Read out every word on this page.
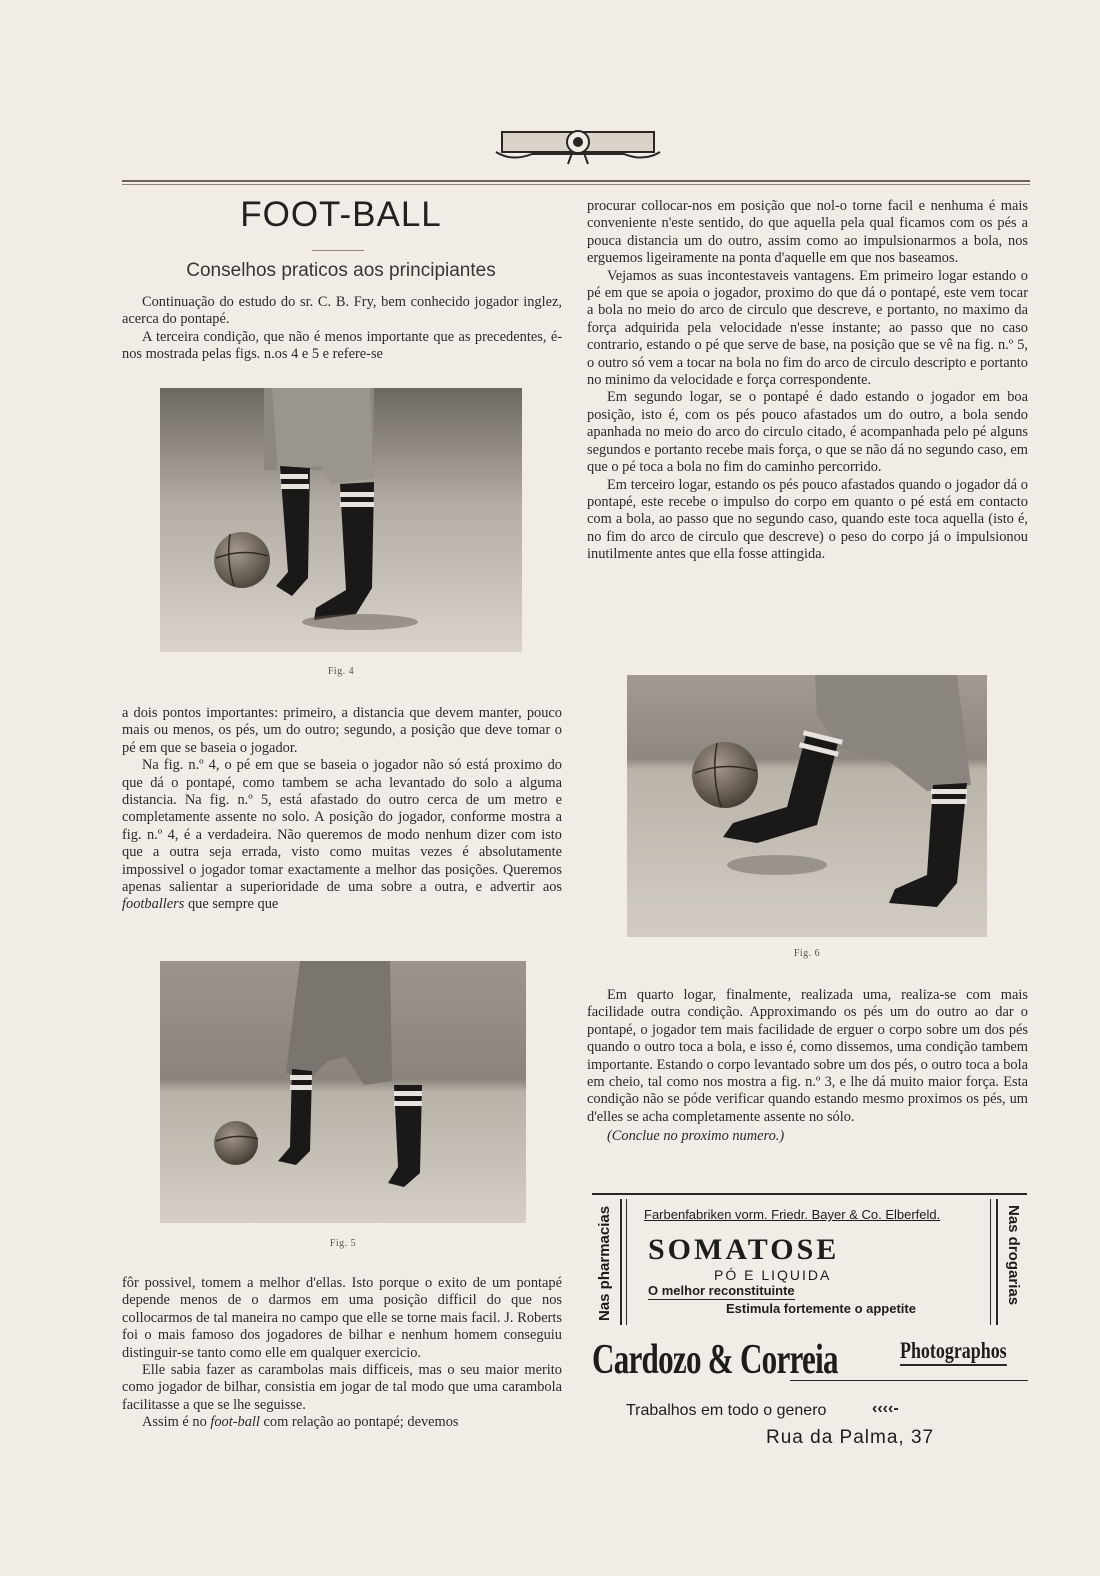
FOOT-BALL
Conselhos praticos aos principiantes

Continuação do estudo do sr. C. B. Fry, bem conhecido jogador inglez, acerca do pontapé.

A terceira condição, que não é menos importante que as precedentes, é-nos mostrada pelas figs. n.os 4 e 5 e refere-se

Fig. 4

a dois pontos importantes: primeiro, a distancia que devem manter, pouco mais ou menos, os pés, um do outro; segundo, a posição que deve tomar o pé em que se baseia o jogador.

Na fig. n.º 4, o pé em que se baseia o jogador não só está proximo do que dá o pontapé, como tambem se acha levantado do solo a alguma distancia. Na fig. n.º 5, está afastado do outro cerca de um metro e completamente assente no solo. A posição do jogador, conforme mostra a fig. n.º 4, é a verdadeira. Não queremos de modo nenhum dizer com isto que a outra seja errada, visto como muitas vezes é absolutamente impossivel o jogador tomar exactamente a melhor das posições. Queremos apenas salientar a superioridade de uma sobre a outra, e advertir aos footballers que sempre que

Fig. 5

fôr possivel, tomem a melhor d'ellas. Isto porque o exito de um pontapé depende menos de o darmos em uma posição difficil do que nos collocarmos de tal maneira no campo que elle se torne mais facil. J. Roberts foi o mais famoso dos jogadores de bilhar e nenhum homem conseguiu distinguir-se tanto como elle em qualquer exercicio.

Elle sabia fazer as carambolas mais difficeis, mas o seu maior merito como jogador de bilhar, consistia em jogar de tal modo que uma carambola facilitasse a que se lhe seguisse.

Assim é no foot-ball com relação ao pontapé; devemos

procurar collocar-nos em posição que nol-o torne facil e nenhuma é mais conveniente n'este sentido, do que aquella pela qual ficamos com os pés a pouca distancia um do outro, assim como ao impulsionarmos a bola, nos erguemos ligeiramente na ponta d'aquelle em que nos baseamos.

Vejamos as suas incontestaveis vantagens. Em primeiro logar estando o pé em que se apoia o jogador, proximo do que dá o pontapé, este vem tocar a bola no meio do arco de circulo que descreve, e portanto, no maximo da força adquirida pela velocidade n'esse instante; ao passo que no caso contrario, estando o pé que serve de base, na posição que se vê na fig. n.º 5, o outro só vem a tocar na bola no fim do arco de circulo descripto e portanto no minimo da velocidade e força correspondente.

Em segundo logar, se o pontapé é dado estando o jogador em boa posição, isto é, com os pés pouco afastados um do outro, a bola sendo apanhada no meio do arco do circulo citado, é acompanhada pelo pé alguns segundos e portanto recebe mais força, o que se não dá no segundo caso, em que o pé toca a bola no fim do caminho percorrido.

Em terceiro logar, estando os pés pouco afastados quando o jogador dá o pontapé, este recebe o impulso do corpo em quanto o pé está em contacto com a bola, ao passo que no segundo caso, quando este toca aquella (isto é, no fim do arco de circulo que descreve) o peso do corpo já o impulsionou inutilmente antes que ella fosse attingida.

Fig. 6

Em quarto logar, finalmente, realizada uma, realiza-se com mais facilidade outra condição. Approximando os pés um do outro ao dar o pontapé, o jogador tem mais facilidade de erguer o corpo sobre um dos pés quando o outro toca a bola, e isso é, como dissemos, uma condição tambem importante. Estando o corpo levantado sobre um dos pés, o outro toca a bola em cheio, tal como nos mostra a fig. n.º 3, e lhe dá muito maior força. Esta condição não se póde verificar quando estando mesmo proximos os pés, um d'elles se acha completamente assente no sólo.

(Conclue no proximo numero.)

Nas pharmacias	Nas drogarias
Farbenfabriken vorm. Friedr. Bayer & Co. Elberfeld.
SOMATOSE
PÓ E LIQUIDA
O melhor reconstituinte
Estimula fortemente o appetite
Cardozo & Correia	Photographos
Trabalhos em todo o genero	‹‹‹‹-
Rua da Palma, 37
